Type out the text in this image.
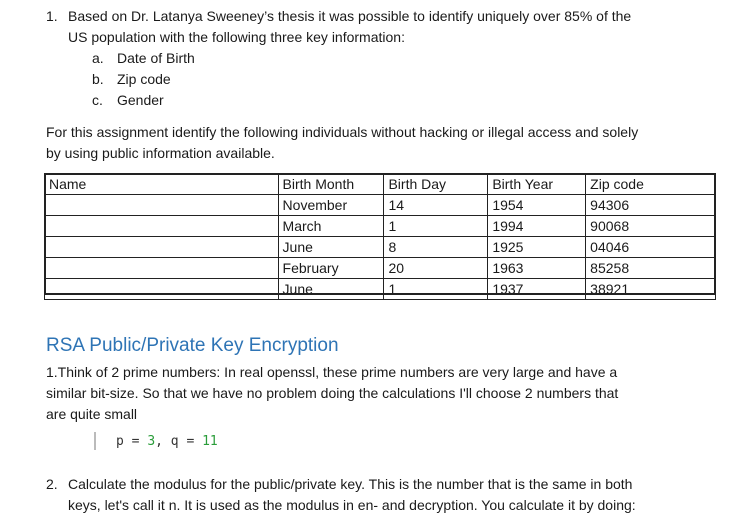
1. Based on Dr. Latanya Sweeney’s thesis it was possible to identify uniquely over 85% of the
US population with the following three key information:
a. Date of Birth
b. Zip code
c. Gender
For this assignment identify the following individuals without hacking or illegal access and solely
by using public information available.
Name	Birth Month	Birth Day	Birth Year	Zip code
	November	14	1954	94306
	March	1	1994	90068
	June	8	1925	04046
	February	20	1963	85258
	June	1	1937	38921
RSA Public/Private Key Encryption
1.Think of 2 prime numbers: In real openssl, these prime numbers are very large and have a
similar bit-size. So that we have no problem doing the calculations I'll choose 2 numbers that
are quite small
p = 3, q = 11
2. Calculate the modulus for the public/private key. This is the number that is the same in both
keys, let's call it n. It is used as the modulus in en- and decryption. You calculate it by doing:
